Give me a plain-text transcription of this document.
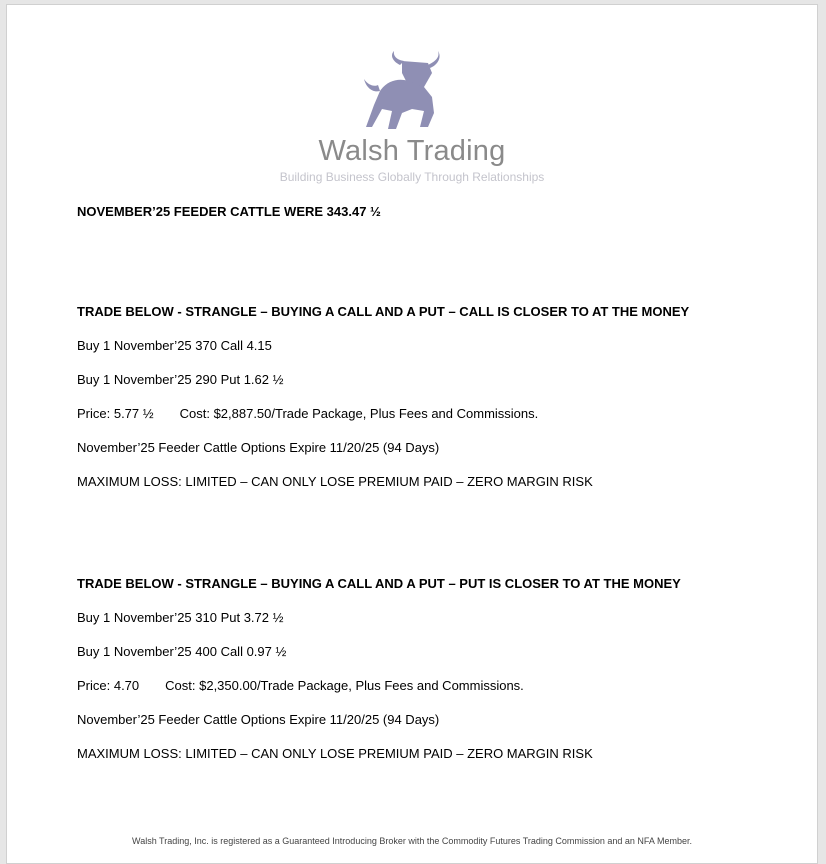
Walsh Trading
Building Business Globally Through Relationships
NOVEMBER’25 FEEDER CATTLE WERE 343.47 ½
TRADE BELOW - STRANGLE – BUYING A CALL AND A PUT – CALL IS CLOSER TO AT THE MONEY
Buy 1 November’25 370 Call 4.15
Buy 1 November’25 290 Put 1.62 ½
Price: 5.77 ½ Cost: $2,887.50/Trade Package, Plus Fees and Commissions.
November’25 Feeder Cattle Options Expire 11/20/25 (94 Days)
MAXIMUM LOSS: LIMITED – CAN ONLY LOSE PREMIUM PAID – ZERO MARGIN RISK
TRADE BELOW - STRANGLE – BUYING A CALL AND A PUT – PUT IS CLOSER TO AT THE MONEY
Buy 1 November’25 310 Put 3.72 ½
Buy 1 November’25 400 Call 0.97 ½
Price: 4.70 Cost: $2,350.00/Trade Package, Plus Fees and Commissions.
November’25 Feeder Cattle Options Expire 11/20/25 (94 Days)
MAXIMUM LOSS: LIMITED – CAN ONLY LOSE PREMIUM PAID – ZERO MARGIN RISK
Walsh Trading, Inc. is registered as a Guaranteed Introducing Broker with the Commodity Futures Trading Commission and an NFA Member.
